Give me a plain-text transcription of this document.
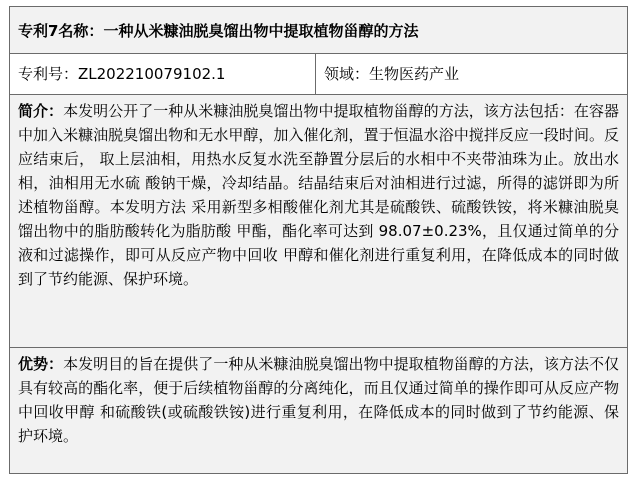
专利7名称：一种从米糠油脱臭馏出物中提取植物甾醇的方法
专利号：ZL202210079102.1	领域：生物医药产业
简介：本发明公开了一种从米糠油脱臭馏出物中提取植物甾醇的方法，该方法包括：在容器中加入米糠油脱臭馏出物和无水甲醇，加入催化剂，置于恒温水浴中搅拌反应一段时间。反应结束后， 取上层油相，用热水反复水洗至静置分层后的水相中不夹带油珠为止。放出水相，油相用无水硫 酸钠干燥，冷却结晶。结晶结束后对油相进行过滤，所得的滤饼即为所述植物甾醇。本发明方法 采用新型多相酸催化剂尤其是硫酸铁、硫酸铁铵，将米糠油脱臭馏出物中的脂肪酸转化为脂肪酸 甲酯，酯化率可达到 98.07±0.23%，且仅通过简单的分液和过滤操作，即可从反应产物中回收 甲醇和催化剂进行重复利用，在降低成本的同时做到了节约能源、保护环境。
优势：本发明目的旨在提供了一种从米糠油脱臭馏出物中提取植物甾醇的方法，该方法不仅具有较高的酯化率，便于后续植物甾醇的分离纯化，而且仅通过简单的操作即可从反应产物中回收甲醇 和硫酸铁(或硫酸铁铵)进行重复利用，在降低成本的同时做到了节约能源、保护环境。
